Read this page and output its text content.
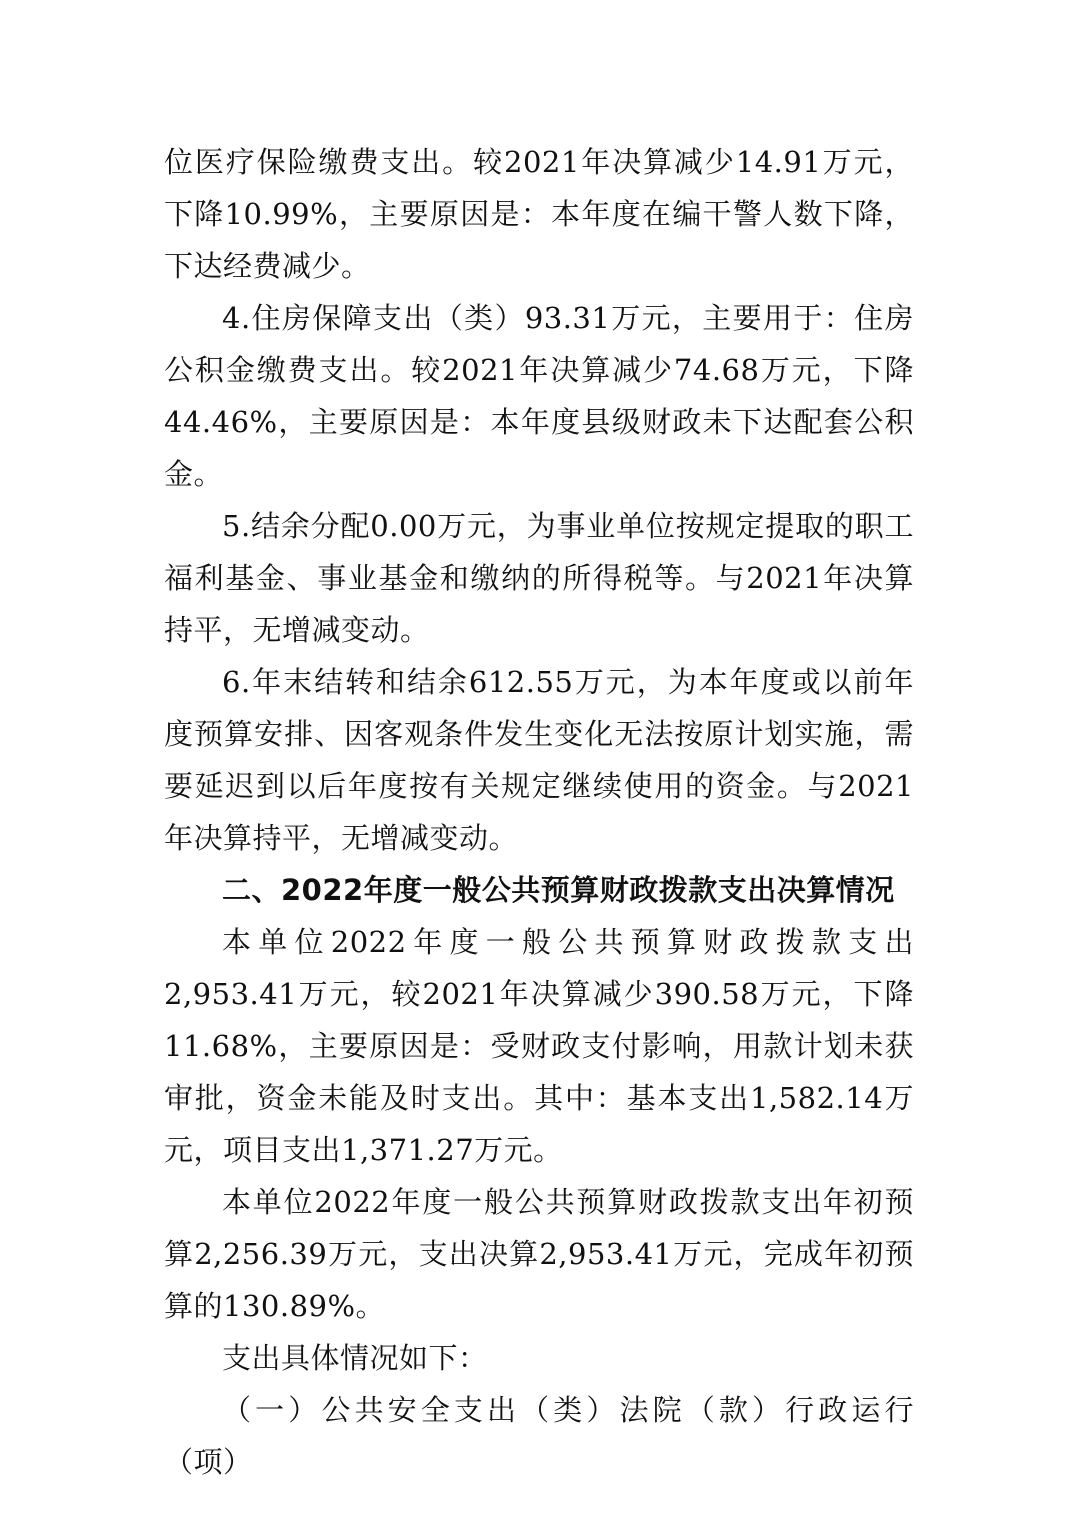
位医疗保险缴费支出。较2021年决算减少14.91万元，下降10.99%，主要原因是：本年度在编干警人数下降，下达经费减少。

4.住房保障支出（类）93.31万元，主要用于：住房公积金缴费支出。较2021年决算减少74.68万元，下降44.46%，主要原因是：本年度县级财政未下达配套公积金。

5.结余分配0.00万元，为事业单位按规定提取的职工福利基金、事业基金和缴纳的所得税等。与2021年决算持平，无增减变动。

6.年末结转和结余612.55万元，为本年度或以前年度预算安排、因客观条件发生变化无法按原计划实施，需要延迟到以后年度按有关规定继续使用的资金。与2021年决算持平，无增减变动。

二、2022年度一般公共预算财政拨款支出决算情况

本单位2022年度一般公共预算财政拨款支出2,953.41万元，较2021年决算减少390.58万元，下降11.68%，主要原因是：受财政支付影响，用款计划未获审批，资金未能及时支出。其中：基本支出1,582.14万元，项目支出1,371.27万元。

本单位2022年度一般公共预算财政拨款支出年初预算2,256.39万元，支出决算2,953.41万元，完成年初预算的130.89%。

支出具体情况如下：

（一）公共安全支出（类）法院（款）行政运行（项）
